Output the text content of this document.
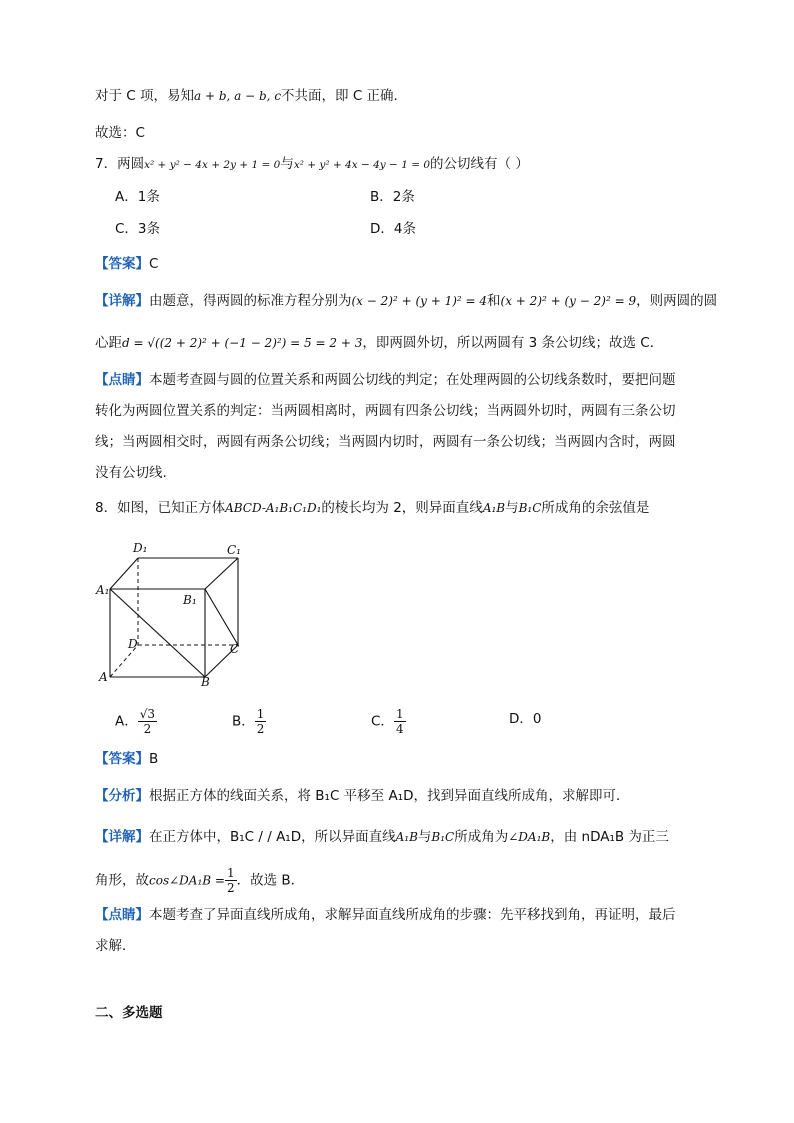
对于 C 项，易知a + b, a − b, c不共面，即 C 正确.
故选：C
7．两圆x² + y² − 4x + 2y + 1 = 0与x² + y² + 4x − 4y − 1 = 0的公切线有（ ）
A．1条	B．2条
C．3条	D．4条
【答案】C
【详解】由题意，得两圆的标准方程分别为(x − 2)² + (y + 1)² = 4和(x + 2)² + (y − 2)² = 9，则两圆的圆
心距d = √((2 + 2)² + (−1 − 2)²) = 5 = 2 + 3，即两圆外切，所以两圆有 3 条公切线；故选 C．
【点睛】本题考查圆与圆的位置关系和两圆公切线的判定；在处理两圆的公切线条数时，要把问题
转化为两圆位置关系的判定：当两圆相离时，两圆有四条公切线；当两圆外切时，两圆有三条公切
线；当两圆相交时，两圆有两条公切线；当两圆内切时，两圆有一条公切线；当两圆内含时，两圆
没有公切线.
8．如图，已知正方体ABCD-A₁B₁C₁D₁的棱长均为 2，则异面直线A₁B与B₁C所成角的余弦值是
D₁	C₁
A₁
B₁
D	C
A	B
A． $\frac{√3}{2}$	B． $\frac{1}{2}$	C． $\frac{1}{4}$	D．0
【答案】B
【分析】根据正方体的线面关系，将 B₁C 平移至 A₁D，找到异面直线所成角，求解即可．
【详解】在正方体中，B₁C / / A₁D，所以异面直线A₁B与B₁C所成角为∠DA₁B，由 nDA₁B 为正三
角形，故cos∠DA₁B = $\frac{1}{2}$ ．故选 B．
【点睛】本题考查了异面直线所成角，求解异面直线所成角的步骤：先平移找到角，再证明，最后
求解．
二、多选题
